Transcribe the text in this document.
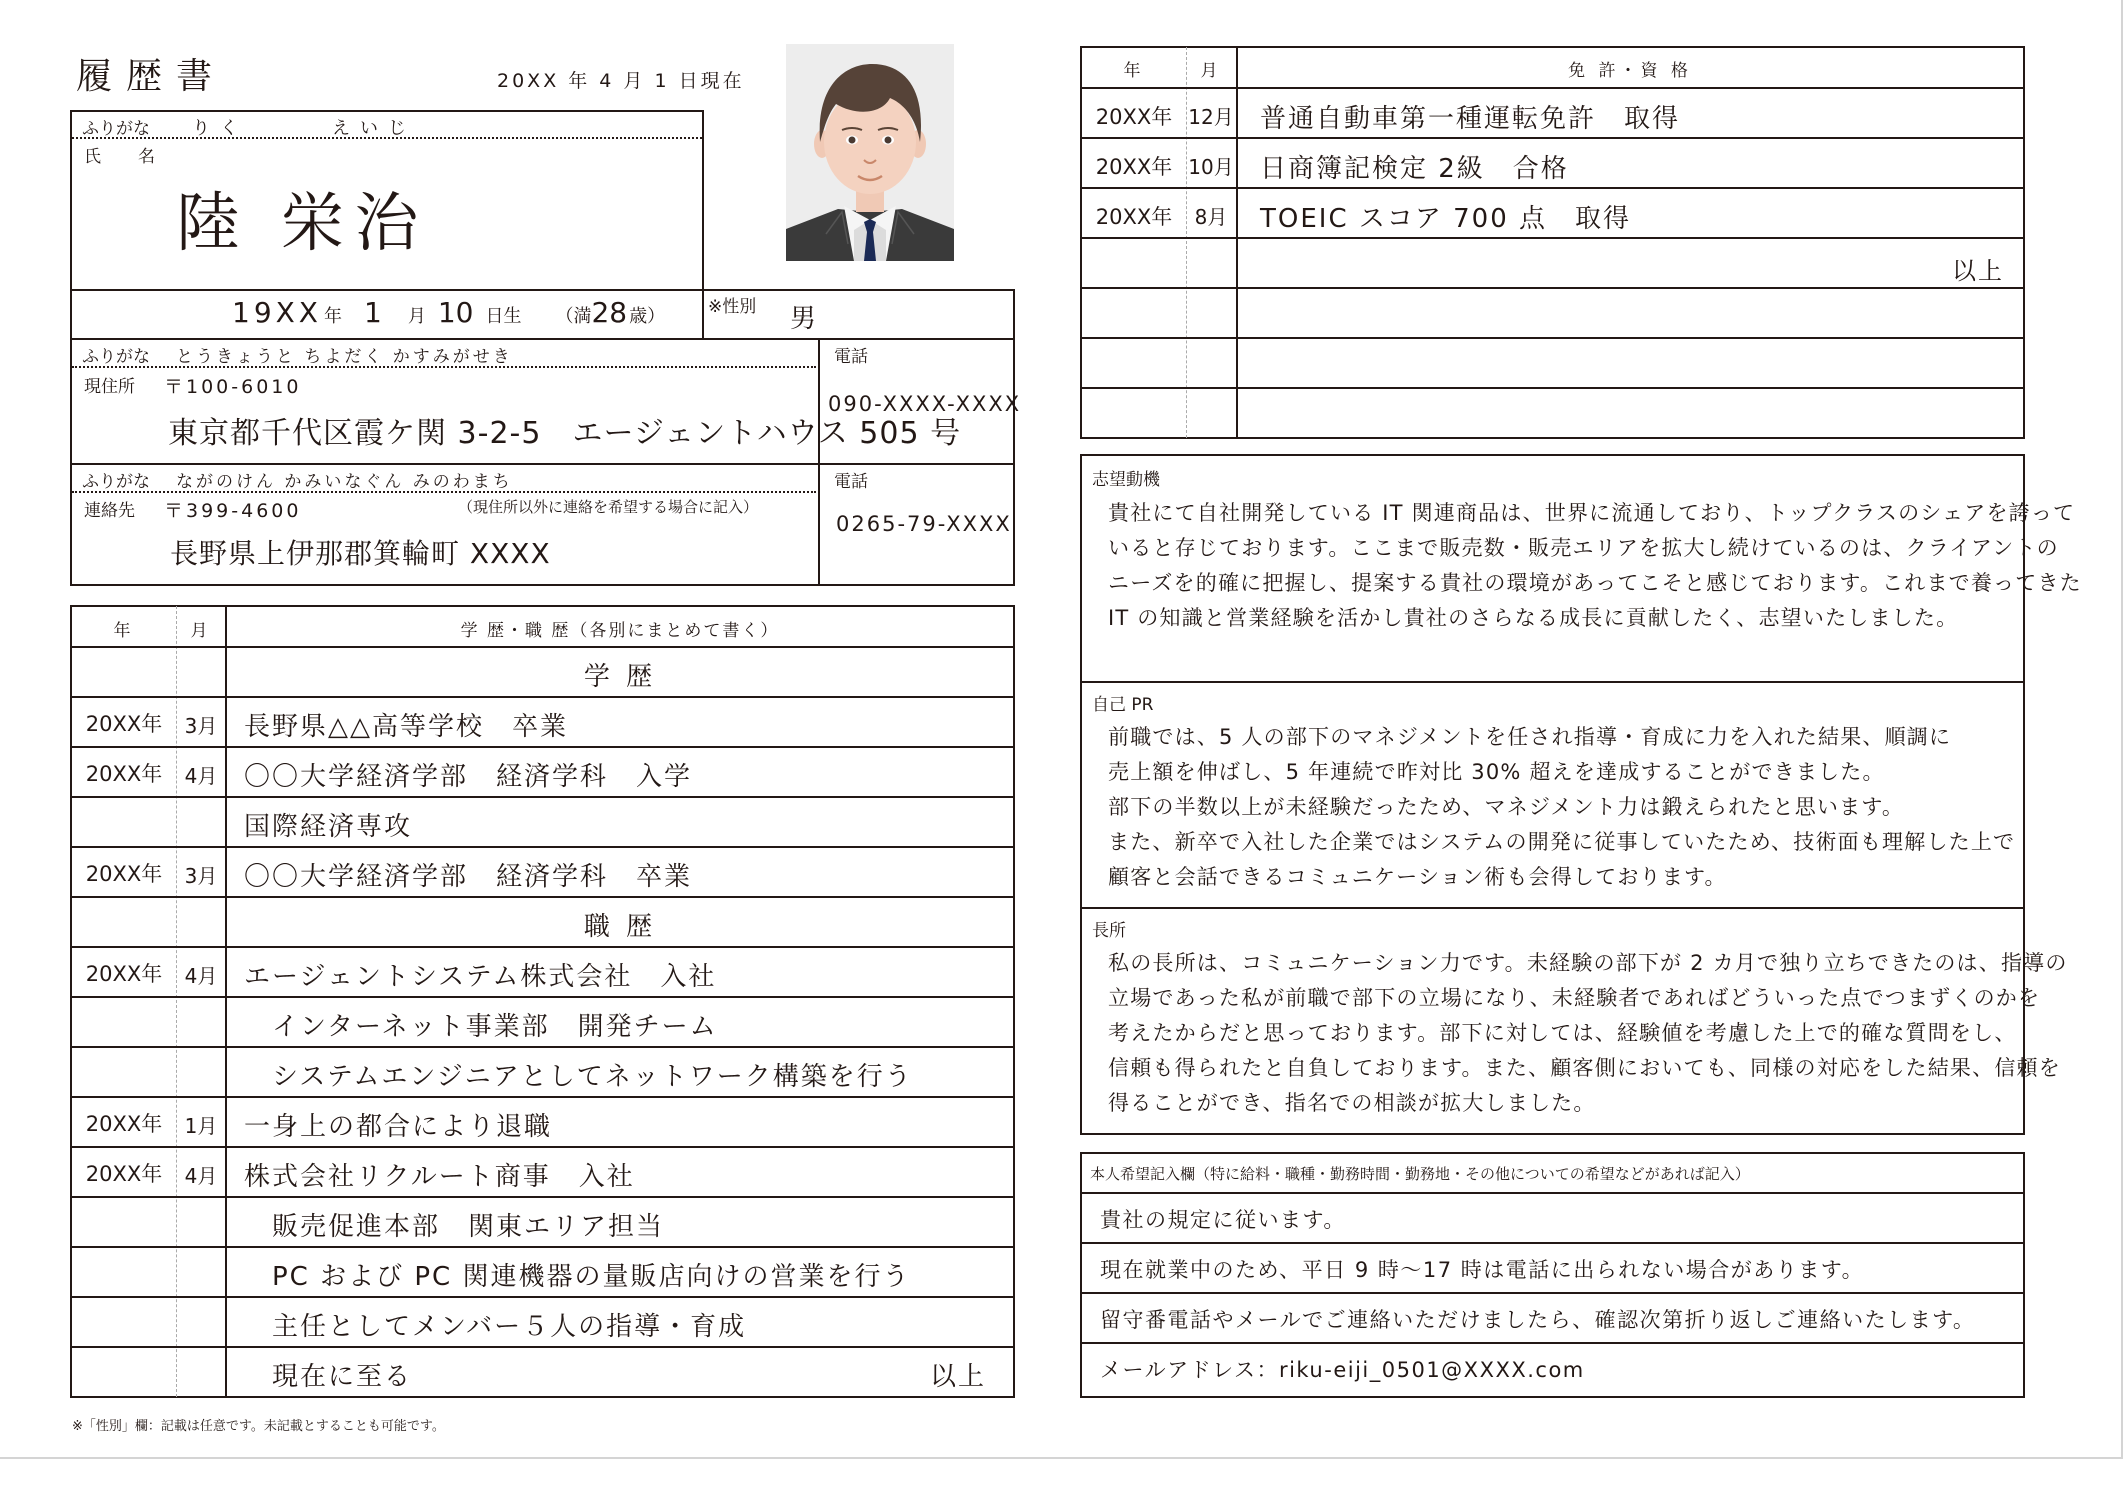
履歴書	20XX 年 4 月 1 日現在
ふりがな りく　　　えいじ
氏　名
陸 栄治
19XX 年 1 月 10 日生 （満 28 歳）	※性別 男
ふりがな とうきょうと ちよだく かすみがせき
現住所 〒100-6010
東京都千代区霞ケ関 3-2-5　エージェントハウス 505 号
電話
090-XXXX-XXXX
ふりがな ながのけん かみいなぐん みのわまち
連絡先 〒399-4600	（現住所以外に連絡を希望する場合に記入）
長野県上伊那郡箕輪町 XXXX
電話
0265-79-XXXX
年	月	学 歴・職 歴（各別にまとめて書く）
学 歴
20XX年	3月	長野県△△高等学校　卒業
20XX年	4月	〇〇大学経済学部　経済学科　入学
国際経済専攻
20XX年	3月	〇〇大学経済学部　経済学科　卒業
職 歴
20XX年	4月	エージェントシステム株式会社　入社
インターネット事業部　開発チーム
システムエンジニアとしてネットワーク構築を行う
20XX年	1月	一身上の都合により退職
20XX年	4月	株式会社リクルート商事　入社
販売促進本部　関東エリア担当
PC および PC 関連機器の量販店向けの営業を行う
主任としてメンバー５人の指導・育成
現在に至る	以上
※「性別」欄：記載は任意です。未記載とすることも可能です。
年	月	免 許・資 格
20XX年 12月 普通自動車第一種運転免許　取得
20XX年 10月 日商簿記検定 2級　合格
20XX年	8月	TOEIC スコア 700 点　取得
以上
志望動機
貴社にて自社開発している IT 関連商品は、世界に流通しており、トップクラスのシェアを誇って
いると存じております。ここまで販売数・販売エリアを拡大し続けているのは、クライアントの
ニーズを的確に把握し、提案する貴社の環境があってこそと感じております。これまで養ってきた
IT の知識と営業経験を活かし貴社のさらなる成長に貢献したく、志望いたしました。
自己 PR
前職では、5 人の部下のマネジメントを任され指導・育成に力を入れた結果、順調に
売上額を伸ばし、5 年連続で昨対比 30% 超えを達成することができました。
部下の半数以上が未経験だったため、マネジメント力は鍛えられたと思います。
また、新卒で入社した企業ではシステムの開発に従事していたため、技術面も理解した上で
顧客と会話できるコミュニケーション術も会得しております。
長所
私の長所は、コミュニケーション力です。未経験の部下が 2 カ月で独り立ちできたのは、指導の
立場であった私が前職で部下の立場になり、未経験者であればどういった点でつまずくのかを
考えたからだと思っております。部下に対しては、経験値を考慮した上で的確な質問をし、
信頼も得られたと自負しております。また、顧客側においても、同様の対応をした結果、信頼を
得ることができ、指名での相談が拡大しました。
本人希望記入欄（特に給料・職種・勤務時間・勤務地・その他についての希望などがあれば記入）
貴社の規定に従います。
現在就業中のため、平日 9 時〜17 時は電話に出られない場合があります。
留守番電話やメールでご連絡いただけましたら、確認次第折り返しご連絡いたします。
メールアドレス：riku-eiji_0501@XXXX.com
